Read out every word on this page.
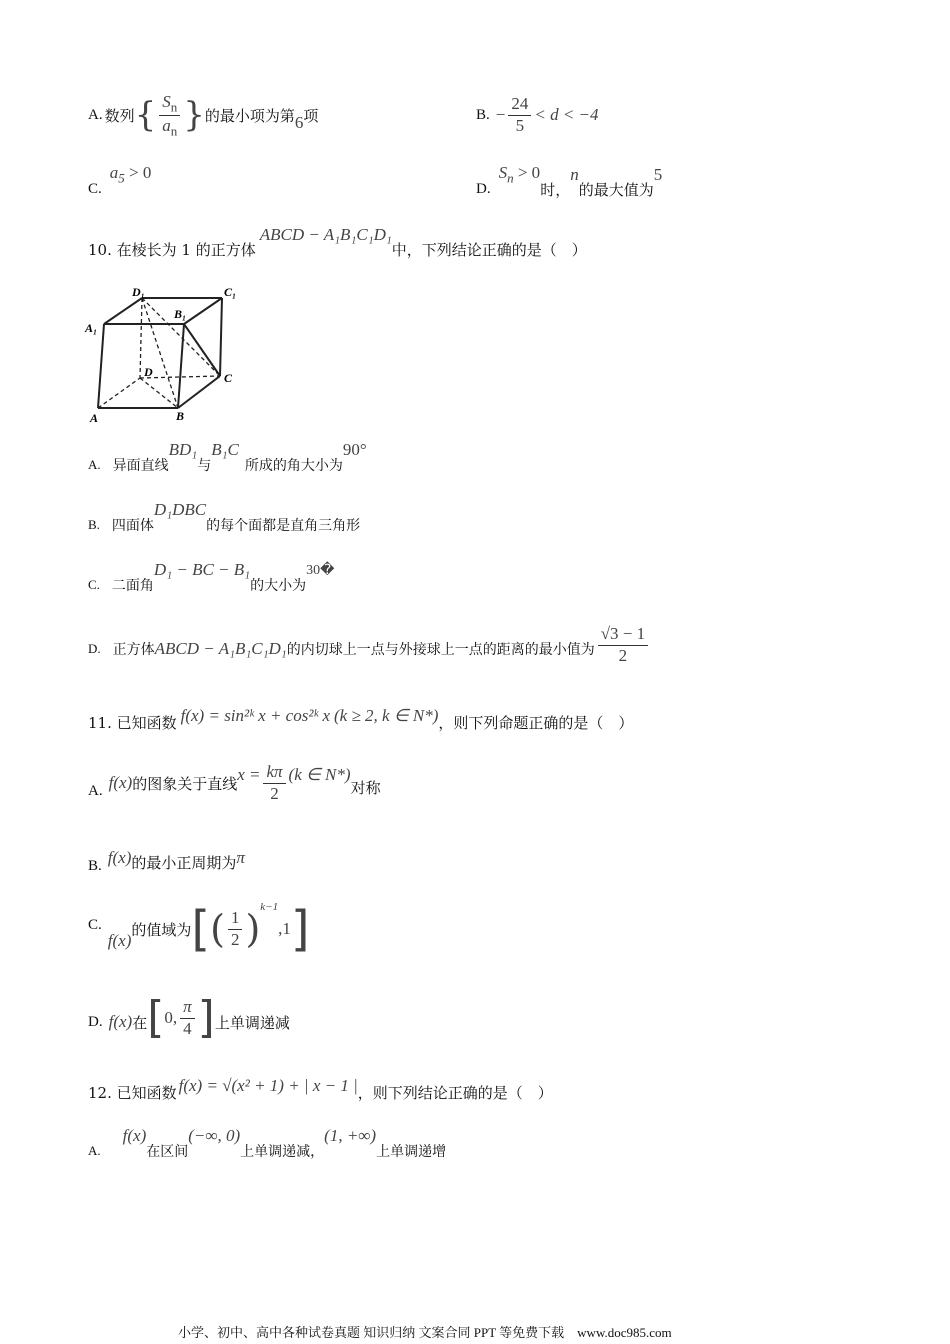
A. 数列 { $\frac{S_n}{a_n}$ } 的最小项为第 6 项	B. − $\frac{24}{5} < d < -4$
C.
$a_5 > 0$
D.
$S_n > 0$
时，
n
的最大值为
5
10. 在棱长为 1 的正方体
ABCD − A₁B₁C₁D₁
中，下列结论正确的是（　）
D₁	C₁
B₁
A₁
D	C
A	B
A. 异面直线
BD₁
与
B₁C
所成的角大小为
90°
B. 四面体
D₁DBC
的每个面都是直角三角形
C. 二面角
D₁ − BC − B₁
的大小为
30�
D. 正方体 ABCD − A₁B₁C₁D₁ 的内切球上一点与外接球上一点的距离的最小值为 $\frac{√3 - 1}{2}$
11. 已知函数 f(x) = sin²ᵏ x + cos²ᵏ x (k ≥ 2, k ∈ N*) ，则下列命题正确的是（　）
A. f(x) 的图象关于直线 $x = \frac{k\pi}{2} (k$ ∈ N*)
对称
B. f(x) 的最小正周期为 π
C.
f(x)
的值域为 [ ( $\frac{1}{2}$ ) k−1
,1 ]
D. f(x) 在 [ 0, $\frac{\pi}{4}$ ] 上单调递减
12. 已知函数 f(x) = √(x² + 1) + | x − 1 | ，则下列结论正确的是（　）
A.
f(x)
在区间
(−∞, 0)
上单调递减，
(1, +∞)
上单调递增
小学、初中、高中各种试卷真题 知识归纳 文案合同 PPT 等免费下载　www.doc985.com
